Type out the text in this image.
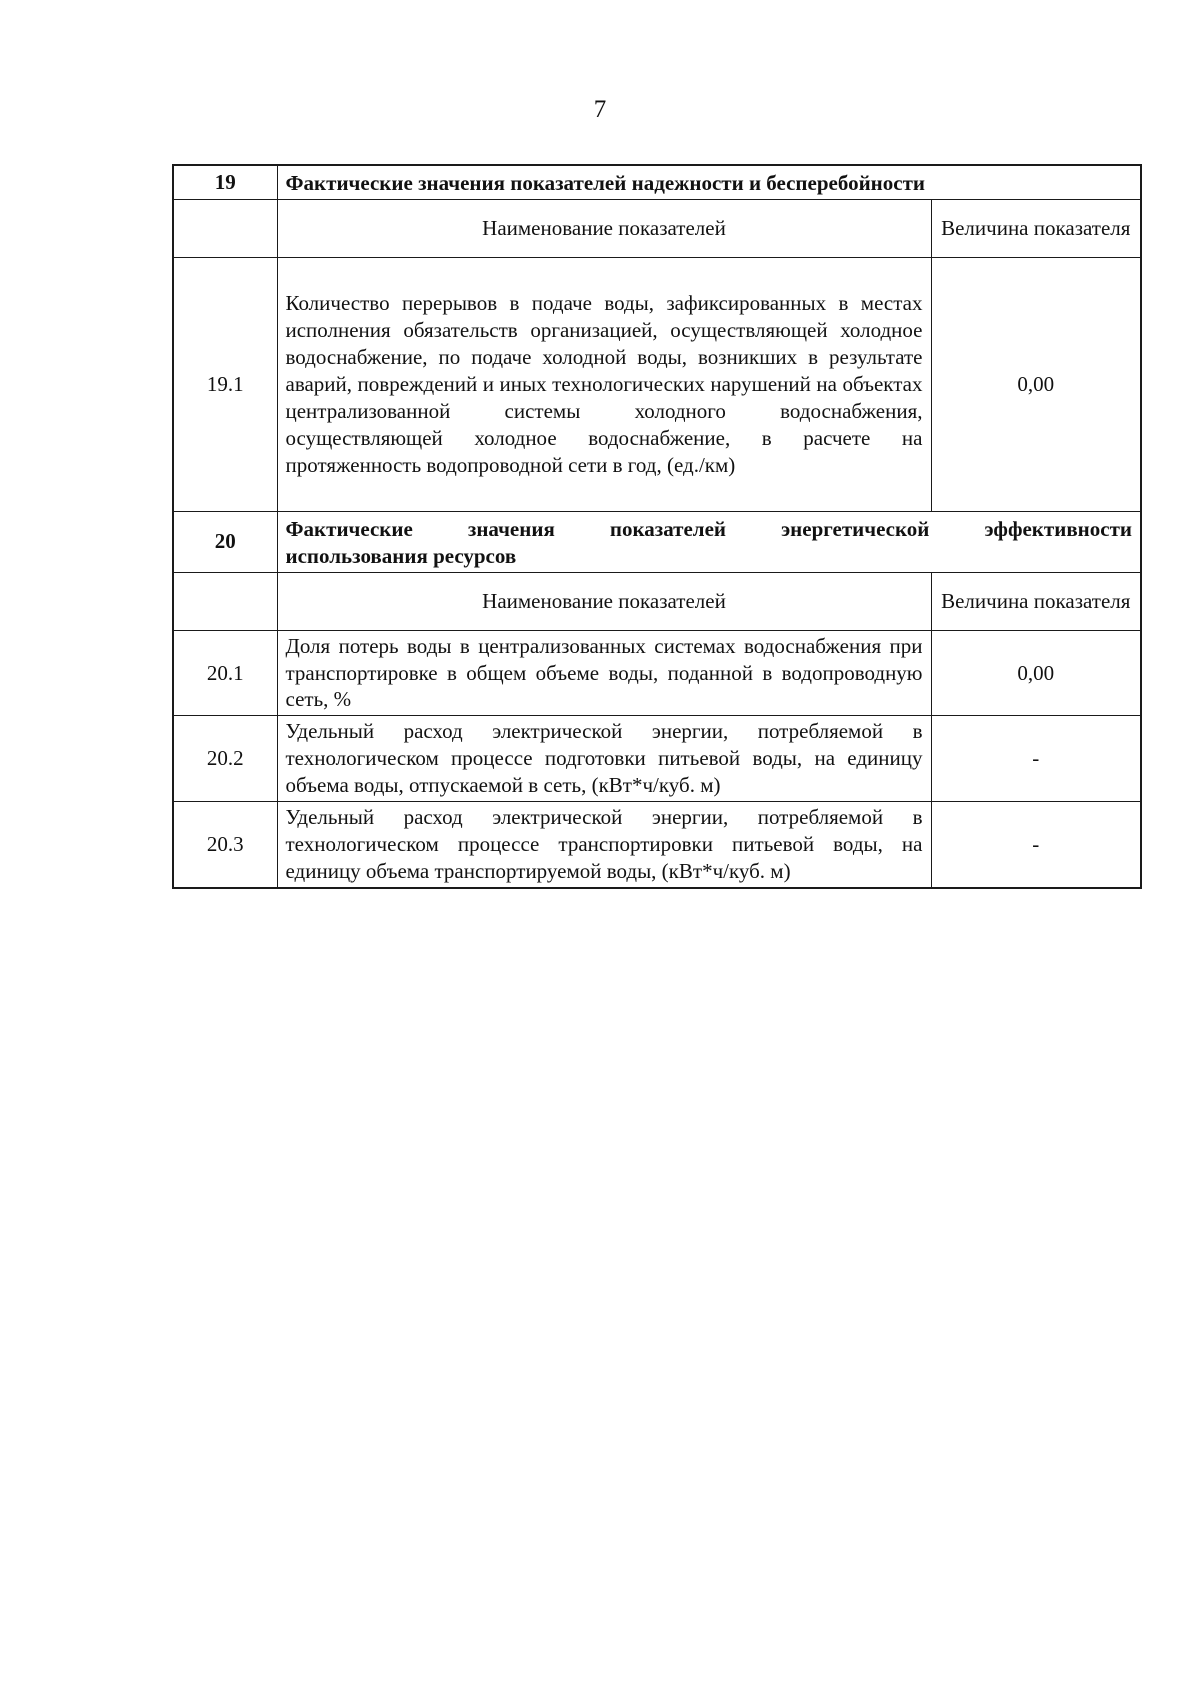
7
19	Фактические значения показателей надежности и бесперебойности	
	Наименование показателей	Величина показателя
19.1	Количество перерывов в подаче воды, зафиксированных в местах исполнения обязательств организацией, осуществляющей холодное водоснабжение, по подаче холодной воды, возникших в результате аварий, повреждений и иных технологических нарушений на объектах централизованной системы холодного водоснабжения, осуществляющей холодное водоснабжение, в расчете на протяженность водопроводной сети в год, (ед./км)	0,00
20	Фактические значения показателей энергетической эффективности
использования ресурсов	

	Наименование показателей	Величина показателя
20.1	Доля потерь воды в централизованных системах водоснабжения при транспортировке в общем объеме воды, поданной в водопроводную сеть, %	0,00
20.2	Удельный расход электрической энергии, потребляемой в технологическом процессе подготовки питьевой воды, на единицу объема воды, отпускаемой в сеть, (кВт*ч/куб. м)	-
20.3	Удельный расход электрической энергии, потребляемой в технологическом процессе транспортировки питьевой воды, на единицу объема транспортируемой воды, (кВт*ч/куб. м)	-
